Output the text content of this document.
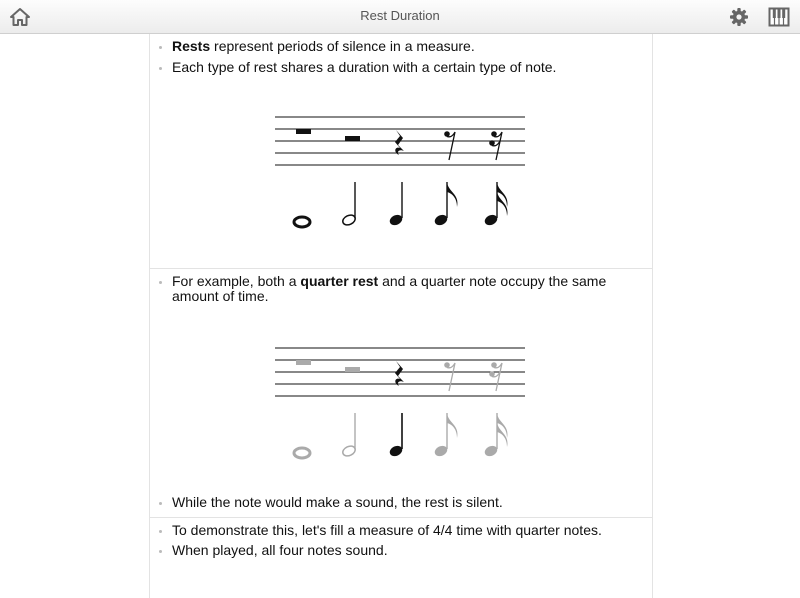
Rest Duration
Rests represent periods of silence in a measure.
Each type of rest shares a duration with a certain type of note.
For example, both a quarter rest and a quarter note occupy the same amount of time.
While the note would make a sound, the rest is silent.
To demonstrate this, let's fill a measure of 4/4 time with quarter notes.
When played, all four notes sound.
